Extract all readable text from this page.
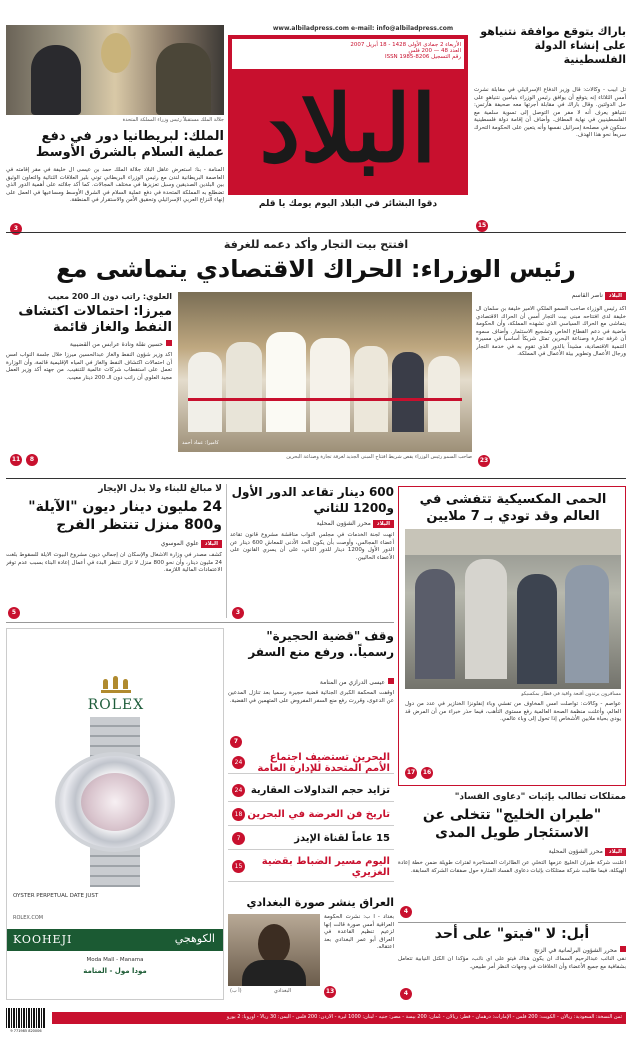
www.albiladpress.com e-mail: info@albiladpress.com
الأربعاء 2 جمادى الأولى 1428 - 18 أبريل 2007
العدد 48 — 200 فلس
رقم التسجيل ISSN 1985-8206
البلاد
دقوا البشائر في البلاد اليوم يومك يا قلم
جلالة الملك مستقبلاً رئيس وزراء المملكة المتحدة
الملك: لبريطانيا دور في دفع عملية السلام بالشرق الأوسط
المنامة - بنا: استعرض عاهل البلاد جلالة الملك حمد بن عيسى آل خليفة في مقر إقامته في العاصمة البريطانية لندن مع رئيس الوزراء البريطاني توني بلير العلاقات الثنائية والتعاون الوثيق بين البلدين الصديقين وسبل تعزيزها في مختلف المجالات. كما أكد جلالته على أهمية الدور الذي تضطلع به المملكة المتحدة في دفع عملية السلام في الشرق الأوسط ومساعيها في العمل على إنهاء النزاع العربي الإسرائيلي وتحقيق الأمن والاستقرار في المنطقة.
3
باراك يتوقع موافقة نتنياهو على إنشاء الدولة الفلسطينية
تل أبيب - وكالات: قال وزير الدفاع الإسرائيلي في مقابلة نشرت أمس الثلاثاء إنه يتوقع أن يوافق رئيس الوزراء بنيامين نتنياهو على حل الدولتين. وقال باراك في مقابلة أجرتها معه صحيفة هآرتس: نتنياهو يعرف أنه لا مفر من التوصل إلى تسوية سلمية مع الفلسطينيين في نهاية المطاف. وأضاف أن إقامة دولة فلسطينية ستكون في مصلحة إسرائيل نفسها وأنه يتعين على الحكومة التحرك سريعاً نحو هذا الهدف.
15
افتتح بيت التجار وأكد دعمه للغرفة
رئيس الوزراء: الحراك الاقتصادي يتماشى مع
البلاد ناصر القاسم
أكد رئيس الوزراء صاحب السمو الملكي الأمير خليفة بن سلمان آل خليفة لدى افتتاحه مبنى بيت التجار أمس أن الحراك الاقتصادي يتماشى مع الحراك السياسي الذي تشهده المملكة، وأن الحكومة ماضية في دعم القطاع الخاص وتشجيع الاستثمار. وأضاف سموه أن غرفة تجارة وصناعة البحرين تمثل شريكاً أساسياً في مسيرة التنمية الاقتصادية، مشيداً بالدور الذي تقوم به في خدمة التجار ورجال الأعمال وتطوير بيئة الأعمال في المملكة.
23
كاميرا: عماد أحمد
صاحب السمو رئيس الوزراء يقص شريط افتتاح المبنى الجديد لغرفة تجارة وصناعة البحرين
العلوي: راتب دون الـ 200 معيب
ميرزا: احتمالات اكتشاف النفط والغاز قائمة
حسين نقلة ونادة عرابس من القضيبية
أكد وزير شؤون النفط والغاز عبدالحسين ميرزا خلال جلسة النواب أمس أن احتمالات اكتشاف النفط والغاز في المياه الإقليمية قائمة، وأن الوزارة تعمل على استقطاب شركات عالمية للتنقيب. من جهته أكد وزير العمل مجيد العلوي أن راتب دون الـ 200 دينار معيب.
8
11
لا مبالغ للبناء ولا بدل الإيجار
24 مليون دينار ديون "الآيلة" و800 منزل تنتظر الفرج
البلاد علوي الموسوي
كشف مصدر في وزارة الأشغال والإسكان أن إجمالي ديون مشروع البيوت الآيلة للسقوط بلغت 24 مليون دينار، وأن نحو 800 منزل لا تزال تنتظر البدء في أعمال إعادة البناء بسبب عدم توفر الاعتمادات المالية اللازمة.
5
600 دينار تقاعد الدور الأول و1200 للثاني
البلاد محرر الشؤون المحلية
أنهت لجنة الخدمات في مجلس النواب مناقشة مشروع قانون تقاعد أعضاء المجالس، وأوصت بأن يكون الحد الأدنى للمعاش 600 دينار عن الدور الأول و1200 دينار للدور الثاني، على أن يسري القانون على الأعضاء الحاليين.
3
الحمى المكسيكية تتفشى في العالم وقد تودي بـ 7 ملايين
مسافرون يرتدون أقنعة واقية في قطار بمكسيكو
عواصم - وكالات: تواصلت أمس المخاوف من تفشي وباء إنفلونزا الخنازير في عدد من دول العالم، وأعلنت منظمة الصحة العالمية رفع مستوى التأهب، فيما حذر خبراء من أن المرض قد يودي بحياة ملايين الأشخاص إذا تحول إلى وباء عالمي.
16
17
ROLEX
OYSTER PERPETUAL DATE JUST
ROLEX.COM
KOOHEJI	الكوهجي
Moda Mall - Manama
مودا مول - المنامة
وقف "قضية الحجيرة" رسمياً.. ورفع منع السفر
عيسى الدرازي من المنامة
أوقفت المحكمة الكبرى الجنائية قضية حجيرة رسمياً بعد تنازل المدعين عن الدعوى، وقررت رفع منع السفر المفروض على المتهمين في القضية.
7
البحرين تستضيف اجتماع الأمم المتحدة للإدارة العامة
24
تزايد حجم التداولات العقارية
24
تاريخ فن العرضة في البحرين
18
15 عاماً لقناة الإيدز
7
اليوم مسير الضباط بقضية الغزيري
15
العراق ينشر صورة البغدادي
بغداد - أ ب: نشرت الحكومة العراقية أمس صورة قالت إنها لزعيم تنظيم القاعدة في العراق أبو عمر البغدادي بعد اعتقاله.
(أ ب)	البغدادي	13
ممتلكات تطالب بإثبات "دعاوى الفساد"
"طيران الخليج" تتخلى عن الاستئجار طويل المدى
البلاد محرر الشؤون المحلية
أعلنت شركة طيران الخليج عزمها التخلي عن الطائرات المستأجرة لفترات طويلة ضمن خطة إعادة الهيكلة، فيما طالبت شركة ممتلكات بإثبات دعاوى الفساد المثارة حول صفقات الشركة السابقة.
4
أبل: لا "فيتو" على أحد
محرر الشؤون البرلمانية في الزنج
نفى النائب عبدالرحيم السماك أن يكون هناك فيتو على أي نائب، مؤكداً أن الكتل النيابية تتعامل بشفافية مع جميع الأعضاء وأن الخلافات في وجهات النظر أمر طبيعي.
4
9 771985 820006
ثمن النسخة: السعودية: ريالان - الكويت: 200 فلس - الإمارات: درهمان - قطر: ريالان - عُمان: 200 بيسة - مصر: جنيه - لبنان: 1000 ليرة - الأردن: 200 فلس - اليمن: 30 ريالاً - أوروبا: 2 يورو
